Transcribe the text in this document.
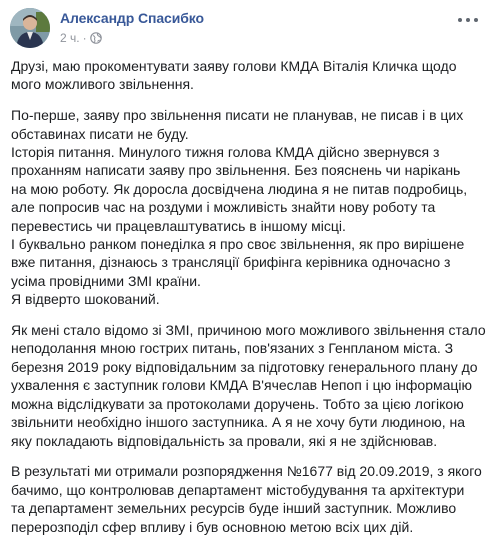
Александр Спасибко
2 ч. ·
Друзі, маю прокоментувати заяву голови КМДА Віталія Кличка щодо
мого можливого звільнення.
По-перше, заяву про звільнення писати не планував, не писав і в цих
обставинах писати не буду.
Історія питання. Минулого тижня голова КМДА дійсно звернувся з
проханням написати заяву про звільнення. Без пояснень чи нарікань
на мою роботу. Як доросла досвідчена людина я не питав подробиць,
але попросив час на роздуми і можливість знайти нову роботу та
перевестись чи працевлаштуватись в іншому місці.
І буквально ранком понеділка я про своє звільнення, як про вирішене
вже питання, дізнаюсь з трансляції брифінга керівника одночасно з
усіма провідними ЗМІ країни.
Я відверто шокований.
Як мені стало відомо зі ЗМІ, причиною мого можливого звільнення стало
неподолання мною гострих питань, пов'язаних з Генпланом міста. З
березня 2019 року відповідальним за підготовку генерального плану до
ухвалення є заступник голови КМДА В'ячеслав Непоп і цю інформацію
можна відслідкувати за протоколами доручень. Тобто за цією логікою
звільнити необхідно іншого заступника. А я не хочу бути людиною, на
яку покладають відповідальність за провали, які я не здійснював.
В результаті ми отримали розпорядження №1677 від 20.09.2019, з якого
бачимо, що контролював департамент містобудування та архітектури
та департамент земельних ресурсів буде інший заступник. Можливо
перерозподіл сфер впливу і був основною метою всіх цих дій.
